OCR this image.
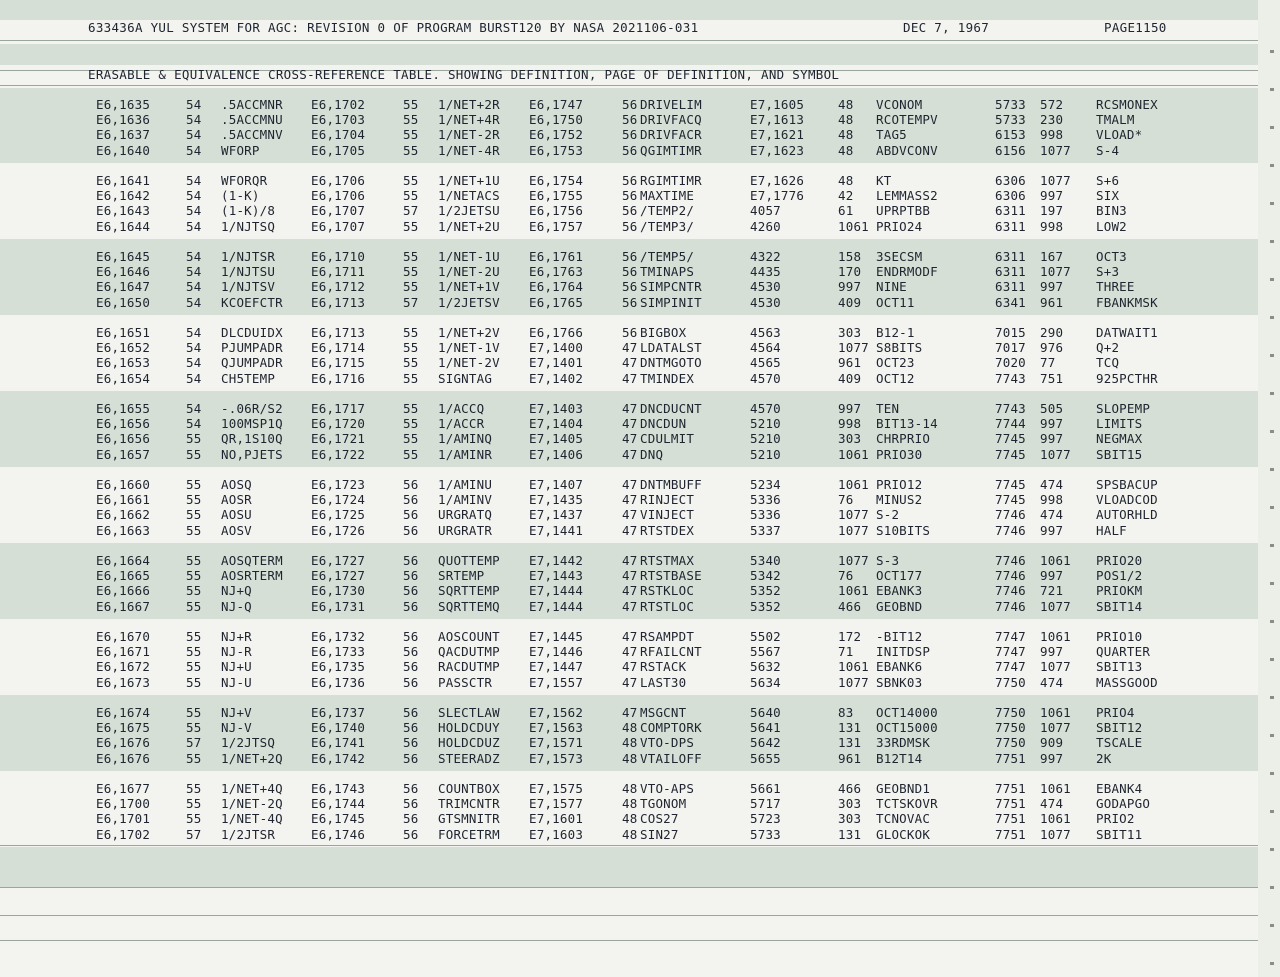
633436A YUL SYSTEM FOR AGC: REVISION 0 OF PROGRAM BURST120 BY NASA 2021106-031	DEC 7, 1967	PAGE1150
ERASABLE & EQUIVALENCE CROSS-REFERENCE TABLE. SHOWING DEFINITION, PAGE OF DEFINITION, AND SYMBOL
E6,1635	54 .5ACCMNR E6,1702	55 1/NET+2R E6,1747	56 DRIVELIM	E7,1605	48 VCONOM	5733 572	RCSMONEX
E6,1636	54 .5ACCMNU E6,1703	55 1/NET+4R E6,1750	56 DRIVFACQ	E7,1613	48 RCOTEMPV	5733 230	TMALM
E6,1637	54 .5ACCMNV E6,1704	55 1/NET-2R E6,1752	56 DRIVFACR	E7,1621	48 TAG5	6153 998	VLOAD*
E6,1640	54 WFORP	E6,1705	55 1/NET-4R E6,1753	56 QGIMTIMR	E7,1623	48 ABDVCONV	6156 1077 S-4
E6,1641	54 WFORQR	E6,1706	55 1/NET+1U E6,1754	56 RGIMTIMR	E7,1626	48 KT	6306 1077 S+6
E6,1642	54 (1-K)	E6,1706	55 1/NETACS E6,1755	56 MAXTIME	E7,1776	42 LEMMASS2	6306 997	SIX
E6,1643	54 (1-K)/8	E6,1707	57 1/2JETSU E6,1756	56 /TEMP2/	4057	61 UPRPTBB	6311 197	BIN3
E6,1644	54 1/NJTSQ	E6,1707	55 1/NET+2U E6,1757	56 /TEMP3/	4260	1061 PRIO24	6311 998	LOW2
E6,1645	54 1/NJTSR	E6,1710	55 1/NET-1U E6,1761	56 /TEMP5/	4322	158 3SECSM	6311 167	OCT3
E6,1646	54 1/NJTSU	E6,1711	55 1/NET-2U E6,1763	56 TMINAPS	4435	170 ENDRMODF	6311 1077 S+3
E6,1647	54 1/NJTSV	E6,1712	55 1/NET+1V E6,1764	56 SIMPCNTR	4530	997 NINE	6311 997	THREE
E6,1650	54 KCOEFCTR E6,1713	57 1/2JETSV E6,1765	56 SIMPINIT	4530	409 OCT11	6341 961	FBANKMSK
E6,1651	54 DLCDUIDX E6,1713	55 1/NET+2V E6,1766	56 BIGBOX	4563	303 B12-1	7015 290	DATWAIT1
E6,1652	54 PJUMPADR E6,1714	55 1/NET-1V E7,1400	47 LDATALST	4564	1077 S8BITS	7017 976	Q+2
E6,1653	54 QJUMPADR E6,1715	55 1/NET-2V E7,1401	47 DNTMGOTO	4565	961 OCT23	7020 77	TCQ
E6,1654	54 CH5TEMP	E6,1716	55 SIGNTAG	E7,1402	47 TMINDEX	4570	409 OCT12	7743 751	925PCTHR
E6,1655	54 -.06R/S2 E6,1717	55 1/ACCQ	E7,1403	47 DNCDUCNT	4570	997 TEN	7743 505	SLOPEMP
E6,1656	54 100MSP1Q E6,1720	55 1/ACCR	E7,1404	47 DNCDUN	5210	998 BIT13-14	7744 997	LIMITS
E6,1656	55 QR,1S10Q E6,1721	55 1/AMINQ	E7,1405	47 CDULMIT	5210	303 CHRPRIO	7745 997	NEGMAX
E6,1657	55 NO,PJETS E6,1722	55 1/AMINR	E7,1406	47 DNQ	5210	1061 PRIO30	7745 1077 SBIT15
E6,1660	55 AOSQ	E6,1723	56 1/AMINU	E7,1407	47 DNTMBUFF	5234	1061 PRIO12	7745 474	SPSBACUP
E6,1661	55 AOSR	E6,1724	56 1/AMINV	E7,1435	47 RINJECT	5336	76 MINUS2	7745 998	VLOADCOD
E6,1662	55 AOSU	E6,1725	56 URGRATQ	E7,1437	47 VINJECT	5336	1077 S-2	7746 474	AUTORHLD
E6,1663	55 AOSV	E6,1726	56 URGRATR	E7,1441	47 RTSTDEX	5337	1077 S10BITS	7746 997	HALF
E6,1664	55 AOSQTERM E6,1727	56 QUOTTEMP E7,1442	47 RTSTMAX	5340	1077 S-3	7746 1061 PRIO20
E6,1665	55 AOSRTERM E6,1727	56 SRTEMP	E7,1443	47 RTSTBASE	5342	76 OCT177	7746 997	POS1/2
E6,1666	55 NJ+Q	E6,1730	56 SQRTTEMP E7,1444	47 RSTKLOC	5352	1061 EBANK3	7746 721	PRIOKM
E6,1667	55 NJ-Q	E6,1731	56 SQRTTEMQ E7,1444	47 RTSTLOC	5352	466 GEOBND	7746 1077 SBIT14
E6,1670	55 NJ+R	E6,1732	56 AOSCOUNT E7,1445	47 RSAMPDT	5502	172 -BIT12	7747 1061 PRIO10
E6,1671	55 NJ-R	E6,1733	56 QACDUTMP E7,1446	47 RFAILCNT	5567	71 INITDSP	7747 997	QUARTER
E6,1672	55 NJ+U	E6,1735	56 RACDUTMP E7,1447	47 RSTACK	5632	1061 EBANK6	7747 1077 SBIT13
E6,1673	55 NJ-U	E6,1736	56 PASSCTR	E7,1557	47 LAST30	5634	1077 SBNK03	7750 474	MASSGOOD
E6,1674	55 NJ+V	E6,1737	56 SLECTLAW E7,1562	47 MSGCNT	5640	83 OCT14000	7750 1061 PRIO4
E6,1675	55 NJ-V	E6,1740	56 HOLDCDUY E7,1563	48 COMPTORK	5641	131 OCT15000	7750 1077 SBIT12
E6,1676	57 1/2JTSQ	E6,1741	56 HOLDCDUZ E7,1571	48 VTO-DPS	5642	131 33RDMSK	7750 909	TSCALE
E6,1676	55 1/NET+2Q E6,1742	56 STEERADZ E7,1573	48 VTAILOFF	5655	961 B12T14	7751 997	2K
E6,1677	55 1/NET+4Q E6,1743	56 COUNTBOX E7,1575	48 VTO-APS	5661	466 GEOBND1	7751 1061 EBANK4
E6,1700	55 1/NET-2Q E6,1744	56 TRIMCNTR E7,1577	48 TGONOM	5717	303 TCTSKOVR	7751 474	GODAPGO
E6,1701	55 1/NET-4Q E6,1745	56 GTSMNITR E7,1601	48 COS27	5723	303 TCNOVAC	7751 1061 PRIO2
E6,1702	57 1/2JTSR	E6,1746	56 FORCETRM E7,1603	48 SIN27	5733	131 GLOCKOK	7751 1077 SBIT11
